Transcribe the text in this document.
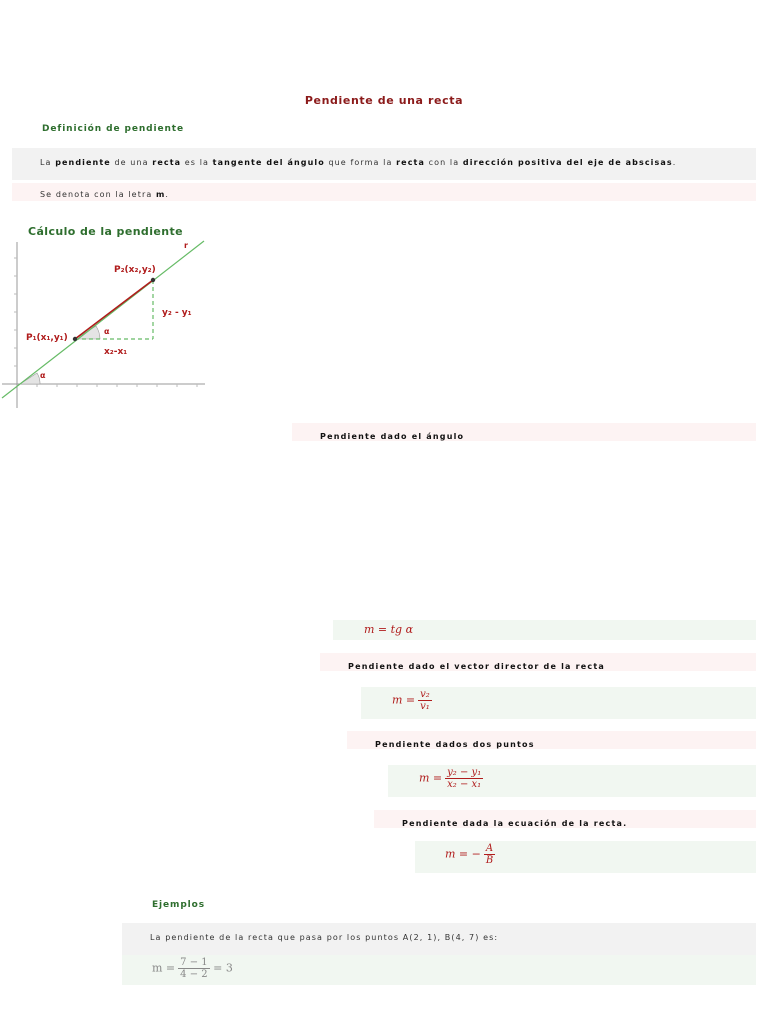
Pendiente de una recta
Definición de pendiente
La pendiente de una recta es la tangente del ángulo que forma la recta con la dirección positiva del eje de abscisas.
Se denota con la letra m.
Cálculo de la pendiente
r
P₂(x₂,y₂)
P₁(x₁,y₁)
y₂ - y₁
x₂-x₁
α
α
Pendiente dado el ángulo
m = tg α
Pendiente dado el vector director de la recta
$m = \frac{\text{v₂}}{\text{v₁}}$
Pendiente dados dos puntos
$m = \frac{\text{y₂ − y₁}}{\text{x₂ − x₁}}$
Pendiente dada la ecuación de la recta.
m = − $\frac{A}{B}$
Ejemplos
La pendiente de la recta que pasa por los puntos A(2, 1), B(4, 7) es:
$m = \frac{7 - 1}{4 - 2} = 3$
